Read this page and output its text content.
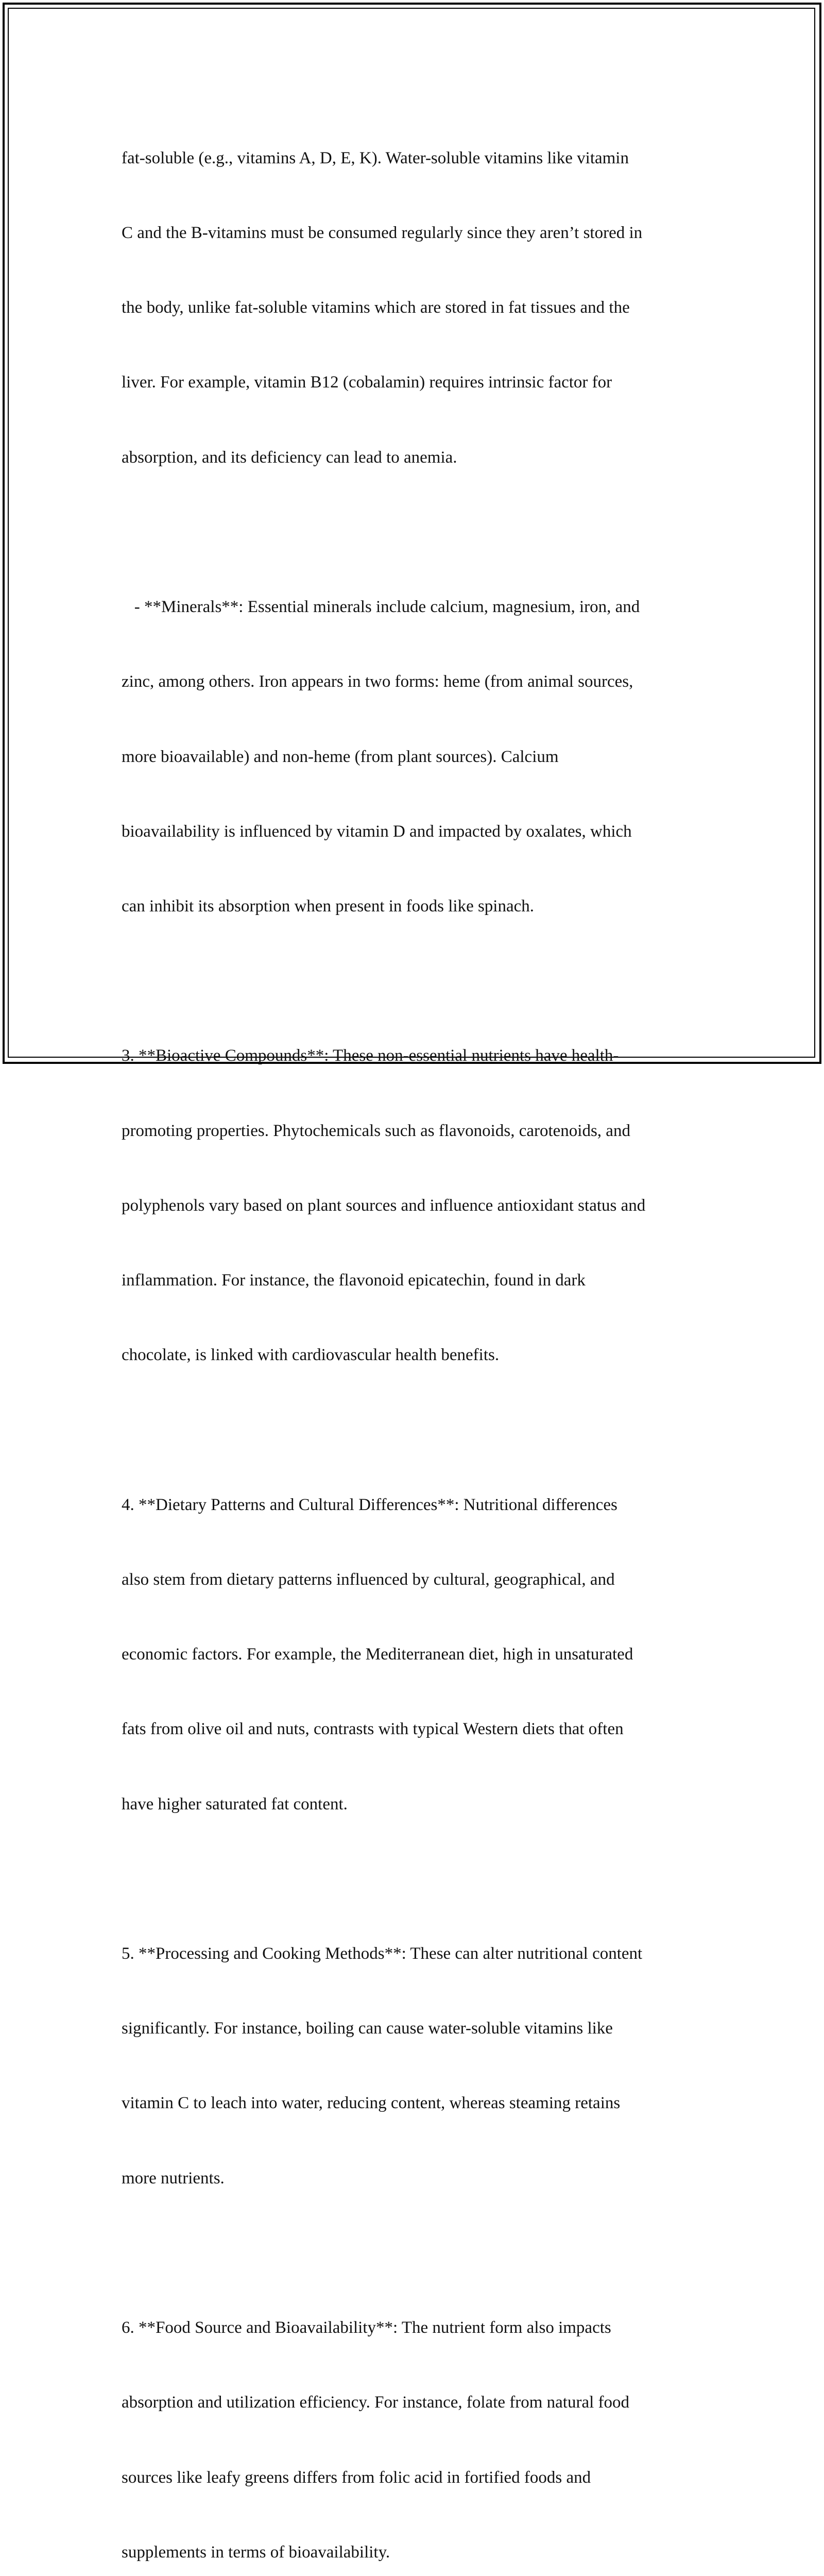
fat-soluble (e.g., vitamins A, D, E, K). Water-soluble vitamins like vitamin

C and the B-vitamins must be consumed regularly since they aren’t stored in

the body, unlike fat-soluble vitamins which are stored in fat tissues and the

liver. For example, vitamin B12 (cobalamin) requires intrinsic factor for

absorption, and its deficiency can lead to anemia.

- **Minerals**: Essential minerals include calcium, magnesium, iron, and

zinc, among others. Iron appears in two forms: heme (from animal sources,

more bioavailable) and non-heme (from plant sources). Calcium

bioavailability is influenced by vitamin D and impacted by oxalates, which

can inhibit its absorption when present in foods like spinach.

3. **Bioactive Compounds**: These non-essential nutrients have health-

promoting properties. Phytochemicals such as flavonoids, carotenoids, and

polyphenols vary based on plant sources and influence antioxidant status and

inflammation. For instance, the flavonoid epicatechin, found in dark

chocolate, is linked with cardiovascular health benefits.

4. **Dietary Patterns and Cultural Differences**: Nutritional differences

also stem from dietary patterns influenced by cultural, geographical, and

economic factors. For example, the Mediterranean diet, high in unsaturated

fats from olive oil and nuts, contrasts with typical Western diets that often

have higher saturated fat content.

5. **Processing and Cooking Methods**: These can alter nutritional content

significantly. For instance, boiling can cause water-soluble vitamins like

vitamin C to leach into water, reducing content, whereas steaming retains

more nutrients.

6. **Food Source and Bioavailability**: The nutrient form also impacts

absorption and utilization efficiency. For instance, folate from natural food

sources like leafy greens differs from folic acid in fortified foods and

supplements in terms of bioavailability.
